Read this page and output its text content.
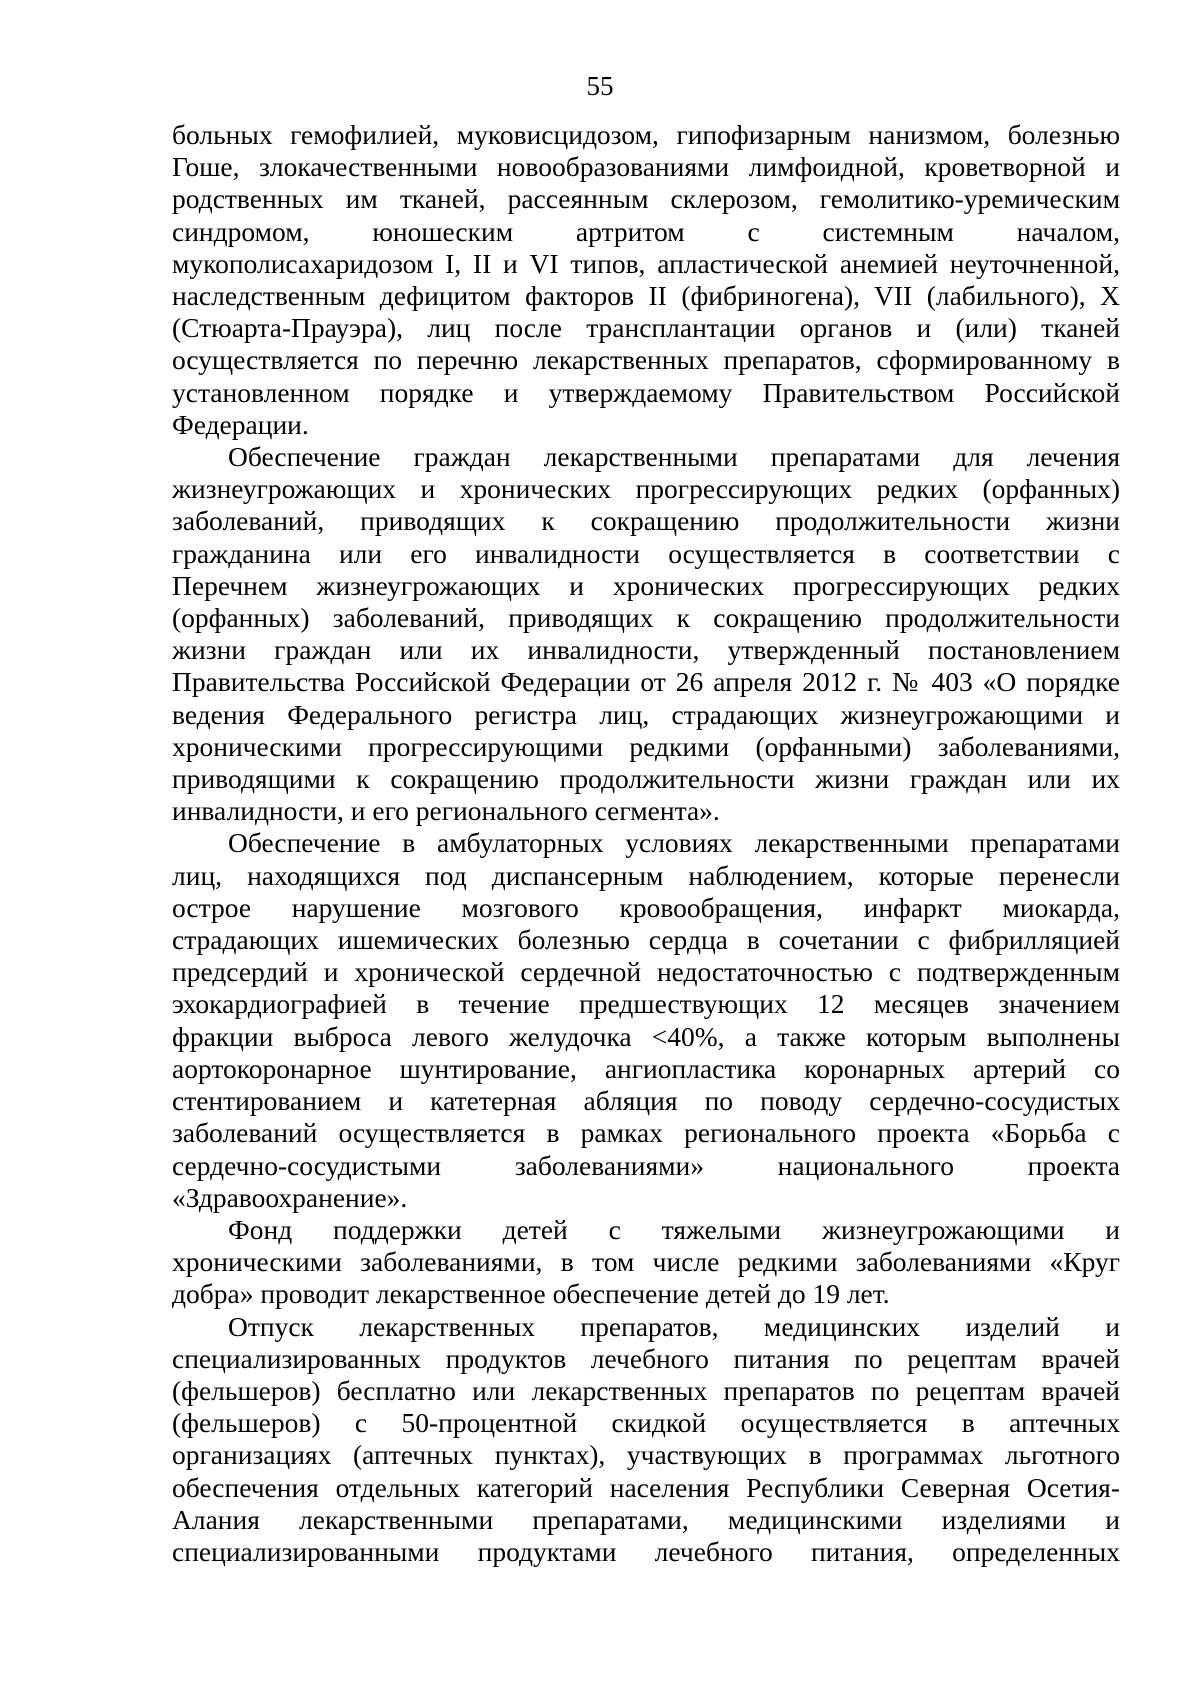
55
больных гемофилией, муковисцидозом, гипофизарным нанизмом, болезнью
Гоше, злокачественными новообразованиями лимфоидной, кроветворной и
родственных им тканей, рассеянным склерозом, гемолитико-уремическим
синдромом, юношеским артритом с системным началом,
мукополисахаридозом I, II и VI типов, апластической анемией неуточненной,
наследственным дефицитом факторов II (фибриногена), VII (лабильного), X
(Стюарта-Прауэра), лиц после трансплантации органов и (или) тканей
осуществляется по перечню лекарственных препаратов, сформированному в
установленном порядке и утверждаемому Правительством Российской
Федерации.
Обеспечение граждан лекарственными препаратами для лечения
жизнеугрожающих и хронических прогрессирующих редких (орфанных)
заболеваний, приводящих к сокращению продолжительности жизни
гражданина или его инвалидности осуществляется в соответствии с
Перечнем жизнеугрожающих и хронических прогрессирующих редких
(орфанных) заболеваний, приводящих к сокращению продолжительности
жизни граждан или их инвалидности, утвержденный постановлением
Правительства Российской Федерации от 26 апреля 2012 г. № 403 «О порядке
ведения Федерального регистра лиц, страдающих жизнеугрожающими и
хроническими прогрессирующими редкими (орфанными) заболеваниями,
приводящими к сокращению продолжительности жизни граждан или их
инвалидности, и его регионального сегмента».
Обеспечение в амбулаторных условиях лекарственными препаратами
лиц, находящихся под диспансерным наблюдением, которые перенесли
острое нарушение мозгового кровообращения, инфаркт миокарда,
страдающих ишемических болезнью сердца в сочетании с фибрилляцией
предсердий и хронической сердечной недостаточностью с подтвержденным
эхокардиографией в течение предшествующих 12 месяцев значением
фракции выброса левого желудочка <40%, а также которым выполнены
аортокоронарное шунтирование, ангиопластика коронарных артерий со
стентированием и катетерная абляция по поводу сердечно-сосудистых
заболеваний осуществляется в рамках регионального проекта «Борьба с
сердечно-сосудистыми заболеваниями» национального проекта
«Здравоохранение».
Фонд поддержки детей с тяжелыми жизнеугрожающими и
хроническими заболеваниями, в том числе редкими заболеваниями «Круг
добра» проводит лекарственное обеспечение детей до 19 лет.
Отпуск лекарственных препаратов, медицинских изделий и
специализированных продуктов лечебного питания по рецептам врачей
(фельшеров) бесплатно или лекарственных препаратов по рецептам врачей
(фельшеров) с 50-процентной скидкой осуществляется в аптечных
организациях (аптечных пунктах), участвующих в программах льготного
обеспечения отдельных категорий населения Республики Северная Осетия-
Алания лекарственными препаратами, медицинскими изделиями и
специализированными продуктами лечебного питания, определенных
